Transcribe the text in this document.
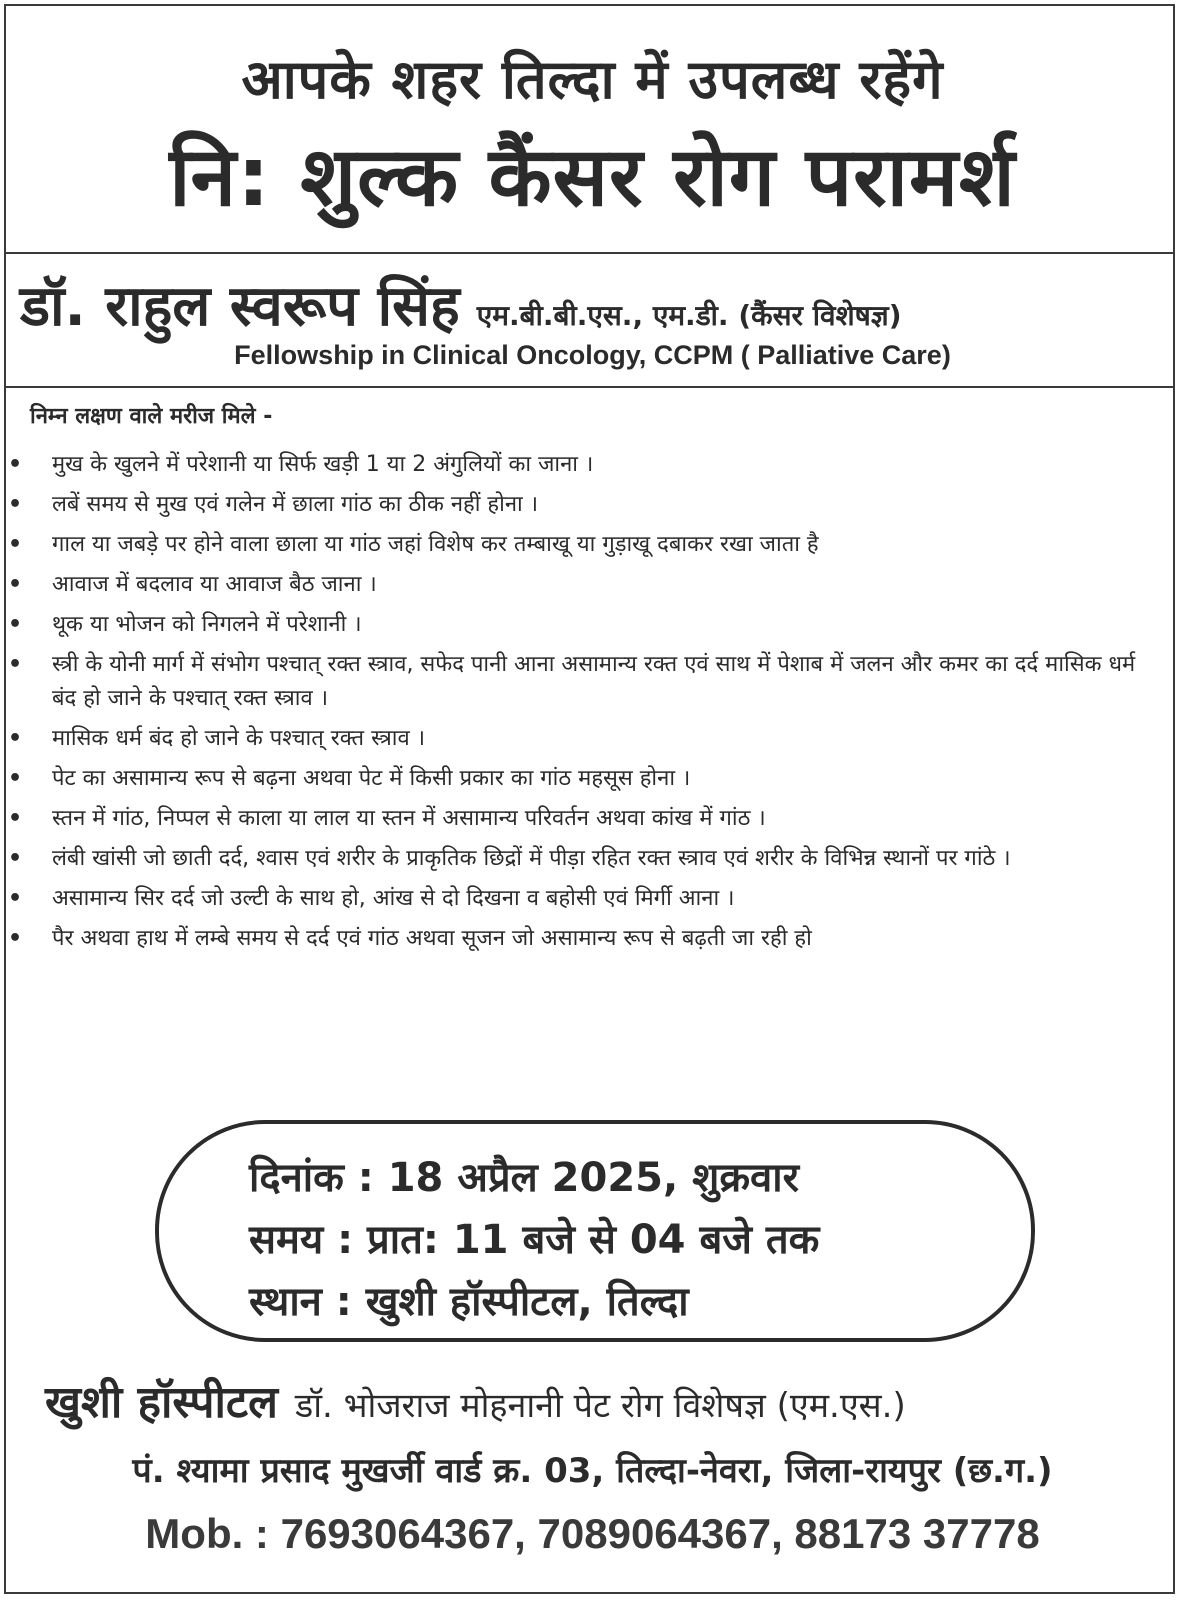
आपके शहर तिल्दा में उपलब्ध रहेंगे
नि: शुल्क कैंसर रोग परामर्श
डॉ. राहुल स्वरूप सिंह एम.बी.बी.एस., एम.डी. (कैंसर विशेषज्ञ)
Fellowship in Clinical Oncology, CCPM ( Palliative Care)
निम्न लक्षण वाले मरीज मिले -
• मुख के खुलने में परेशानी या सिर्फ खड़ी 1 या 2 अंगुलियों का जाना ।
• लबें समय से मुख एवं गलेन में छाला गांठ का ठीक नहीं होना ।
• गाल या जबड़े पर होने वाला छाला या गांठ जहां विशेष कर तम्बाखू या गुड़ाखू दबाकर रखा जाता है
• आवाज में बदलाव या आवाज बैठ जाना ।
• थूक या भोजन को निगलने में परेशानी ।
• स्त्री के योनी मार्ग में संभोग पश्चात् रक्त स्त्राव, सफेद पानी आना असामान्य रक्त एवं साथ में पेशाब में जलन और कमर का दर्द मासिक धर्म बंद हो जाने के पश्चात् रक्त स्त्राव ।
• मासिक धर्म बंद हो जाने के पश्चात् रक्त स्त्राव ।
• पेट का असामान्य रूप से बढ़ना अथवा पेट में किसी प्रकार का गांठ महसूस होना ।
• स्तन में गांठ, निप्पल से काला या लाल या स्तन में असामान्य परिवर्तन अथवा कांख में गांठ ।
• लंबी खांसी जो छाती दर्द, श्वास एवं शरीर के प्राकृतिक छिद्रों में पीड़ा रहित रक्त स्त्राव एवं शरीर के विभिन्न स्थानों पर गांठे ।
• असामान्य सिर दर्द जो उल्टी के साथ हो, आंख से दो दिखना व बहोसी एवं मिर्गी आना ।
• पैर अथवा हाथ में लम्बे समय से दर्द एवं गांठ अथवा सूजन जो असामान्य रूप से बढ़ती जा रही हो
दिनांक : 18 अप्रैल 2025, शुक्रवार
समय : प्रात: 11 बजे से 04 बजे तक
स्थान : खुशी हॉस्पीटल, तिल्दा
खुशी हॉस्पीटल डॉ. भोजराज मोहनानी पेट रोग विशेषज्ञ (एम.एस.)
पं. श्यामा प्रसाद मुखर्जी वार्ड क्र. 03, तिल्दा-नेवरा, जिला-रायपुर (छ.ग.)
Mob. : 7693064367, 7089064367, 88173 37778
